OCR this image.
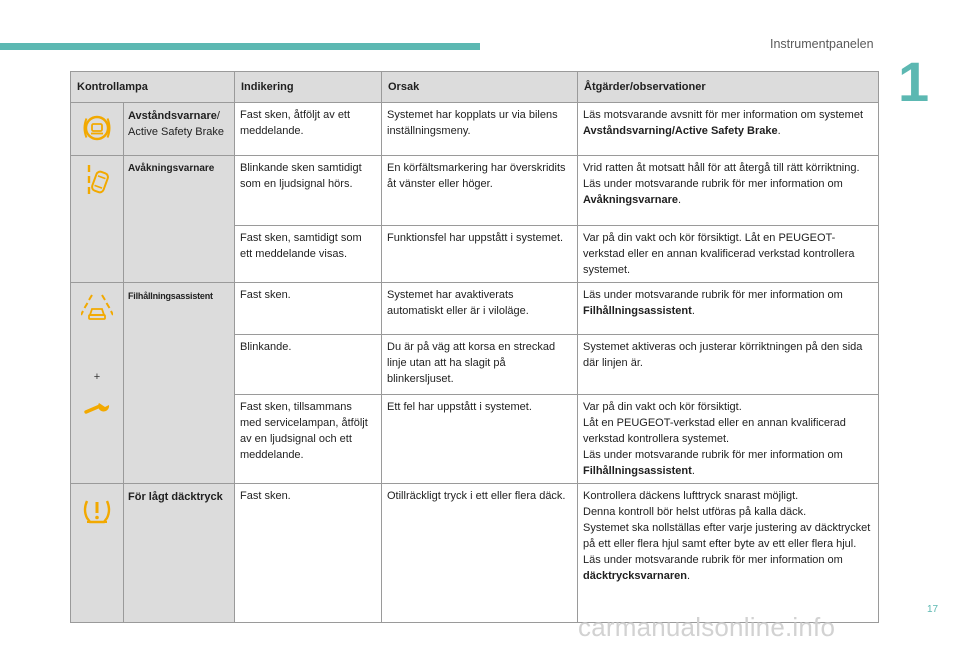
Instrumentpanelen
1
Kontrollampa		Indikering	Orsak	Åtgärder/observationer

	Avståndsvarnare/ Active Safety Brake	Fast sken, åtföljt av ett meddelande.	Systemet har kopplats ur via bilens inställningsmeny.	Läs motsvarande avsnitt för mer information om systemet Avståndsvarning/Active Safety Brake.

	Avåkningsvarnare	Blinkande sken samtidigt som en ljudsignal hörs.	En körfältsmarkering har överskridits åt vänster eller höger.	Vrid ratten åt motsatt håll för att återgå till rätt körriktning.
Läs under motsvarande rubrik för mer information om Avåkningsvarnare.
		Fast sken, samtidigt som ett meddelande visas.	Funktionsfel har uppstått i systemet.	Var på din vakt och kör försiktigt. Låt en PEUGEOT-verkstad eller en annan kvalificerad verkstad kontrollera systemet.

+	Filhållningsassistent	Fast sken.	Systemet har avaktiverats automatiskt eller är i viloläge.	Läs under motsvarande rubrik för mer information om Filhållningsassistent.
		Blinkande.	Du är på väg att korsa en streckad linje utan att ha slagit på blinkersljuset.	Systemet aktiveras och justerar körriktningen på den sida där linjen är.
		Fast sken, tillsammans med servicelampan, åtföljt av en ljudsignal och ett meddelande.	Ett fel har uppstått i systemet.	Var på din vakt och kör försiktigt.
Låt en PEUGEOT-verkstad eller en annan kvalificerad verkstad kontrollera systemet.
Läs under motsvarande rubrik för mer information om Filhållningsassistent.

	För lågt däcktryck	Fast sken.	Otillräckligt tryck i ett eller flera däck.	Kontrollera däckens lufttryck snarast möjligt.
Denna kontroll bör helst utföras på kalla däck.
Systemet ska nollställas efter varje justering av däcktrycket på ett eller flera hjul samt efter byte av ett eller flera hjul.
Läs under motsvarande rubrik för mer information om däcktrycksvarnaren.
17
carmanualsonline.info
